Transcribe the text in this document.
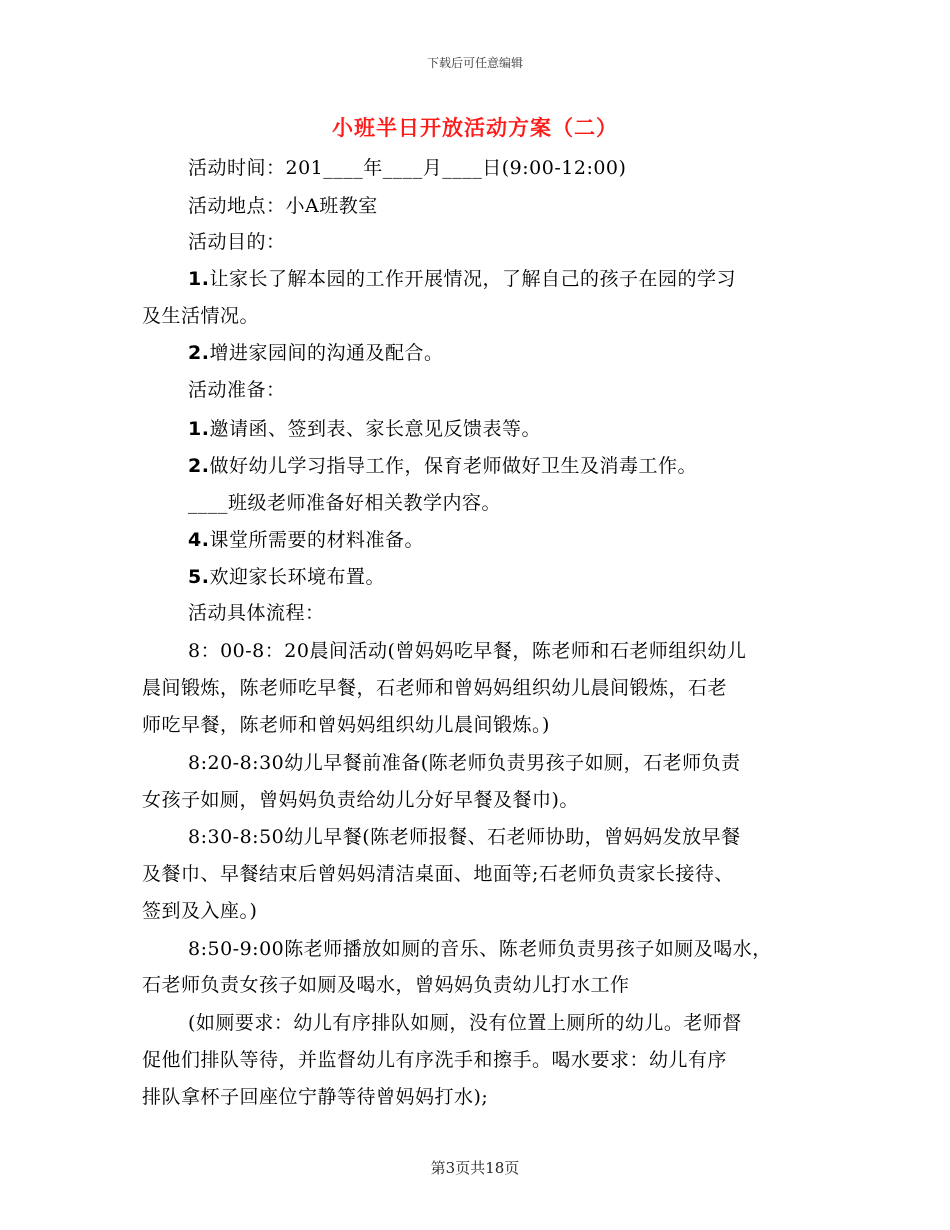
下载后可任意编辑
小班半日开放活动方案（二）
活动时间：201____年____月____日(9:00-12:00)
活动地点：小A班教室
活动目的：
1.让家长了解本园的工作开展情况，了解自己的孩子在园的学习
及生活情况。
2.增进家园间的沟通及配合。
活动准备：
1.邀请函、签到表、家长意见反馈表等。
2.做好幼儿学习指导工作，保育老师做好卫生及消毒工作。
____班级老师准备好相关教学内容。
4.课堂所需要的材料准备。
5.欢迎家长环境布置。
活动具体流程：
8：00-8：20晨间活动(曾妈妈吃早餐，陈老师和石老师组织幼儿
晨间锻炼，陈老师吃早餐，石老师和曾妈妈组织幼儿晨间锻炼，石老
师吃早餐，陈老师和曾妈妈组织幼儿晨间锻炼。)
8:20-8:30幼儿早餐前准备(陈老师负责男孩子如厕，石老师负责
女孩子如厕，曾妈妈负责给幼儿分好早餐及餐巾)。
8:30-8:50幼儿早餐(陈老师报餐、石老师协助，曾妈妈发放早餐
及餐巾、早餐结束后曾妈妈清洁桌面、地面等;石老师负责家长接待、
签到及入座。)
8:50-9:00陈老师播放如厕的音乐、陈老师负责男孩子如厕及喝水，
石老师负责女孩子如厕及喝水，曾妈妈负责幼儿打水工作
(如厕要求：幼儿有序排队如厕，没有位置上厕所的幼儿。老师督
促他们排队等待，并监督幼儿有序洗手和擦手。喝水要求：幼儿有序
排队拿杯子回座位宁静等待曾妈妈打水);
第3页共18页
